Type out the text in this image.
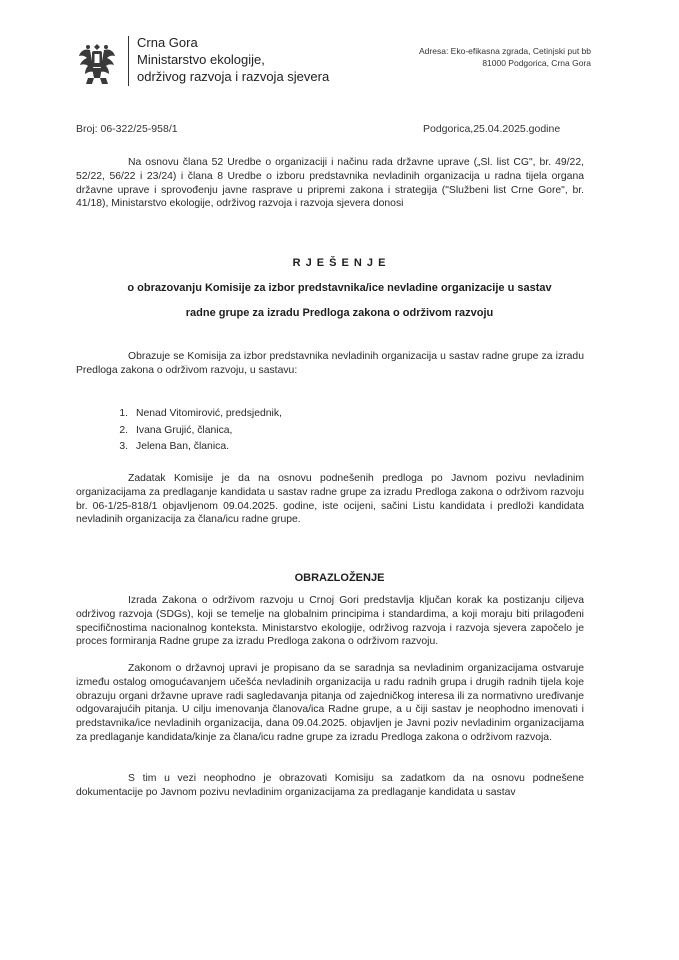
Crna Gora
Ministarstvo ekologije,
održivog razvoja i razvoja sjevera
Adresa: Eko-efikasna zgrada, Cetinjski put bb
81000 Podgorica, Crna Gora
Broj: 06-322/25-958/1	Podgorica,25.04.2025.godine
Na osnovu člana 52 Uredbe o organizaciji i načinu rada državne uprave („Sl. list CG", br. 49/22, 52/22, 56/22 i 23/24) i člana 8 Uredbe o izboru predstavnika nevladinih organizacija u radna tijela organa državne uprave i sprovođenju javne rasprave u pripremi zakona i strategija ("Službeni list Crne Gore", br. 41/18), Ministarstvo ekologije, održivog razvoja i razvoja sjevera donosi
R J E Š E N J E
o obrazovanju Komisije za izbor predstavnika/ice nevladine organizacije u sastav
radne grupe za izradu Predloga zakona o održivom razvoju
Obrazuje se Komisija za izbor predstavnika nevladinih organizacija u sastav radne grupe za izradu Predloga zakona o održivom razvoju, u sastavu:
1. Nenad Vitomirović, predsjednik,
2. Ivana Grujić, članica,
3. Jelena Ban, članica.
Zadatak Komisije je da na osnovu podnešenih predloga po Javnom pozivu nevladinim organizacijama za predlaganje kandidata u sastav radne grupe za izradu Predloga zakona o održivom razvoju br. 06-1/25-818/1 objavljenom 09.04.2025. godine, iste ocijeni, sačini Listu kandidata i predloži kandidata nevladinih organizacija za člana/icu radne grupe.
OBRAZLOŽENJE
Izrada Zakona o održivom razvoju u Crnoj Gori predstavlja ključan korak ka postizanju ciljeva održivog razvoja (SDGs), koji se temelje na globalnim principima i standardima, a koji moraju biti prilagođeni specifičnostima nacionalnog konteksta. Ministarstvo ekologije, održivog razvoja i razvoja sjevera započelo je proces formiranja Radne grupe za izradu Predloga zakona o održivom razvoju.
Zakonom o državnoj upravi je propisano da se saradnja sa nevladinim organizacijama ostvaruje između ostalog omogućavanjem učešća nevladinih organizacija u radu radnih grupa i drugih radnih tijela koje obrazuju organi državne uprave radi sagledavanja pitanja od zajedničkog interesa ili za normativno uređivanje odgovarajućih pitanja. U cilju imenovanja članova/ica Radne grupe, a u čiji sastav je neophodno imenovati i predstavnika/ice nevladinih organizacija, dana 09.04.2025. objavljen je Javni poziv nevladinim organizacijama za predlaganje kandidata/kinje za člana/icu radne grupe za izradu Predloga zakona o održivom razvoja.
S tim u vezi neophodno je obrazovati Komisiju sa zadatkom da na osnovu podnešene dokumentacije po Javnom pozivu nevladinim organizacijama za predlaganje kandidata u sastav
